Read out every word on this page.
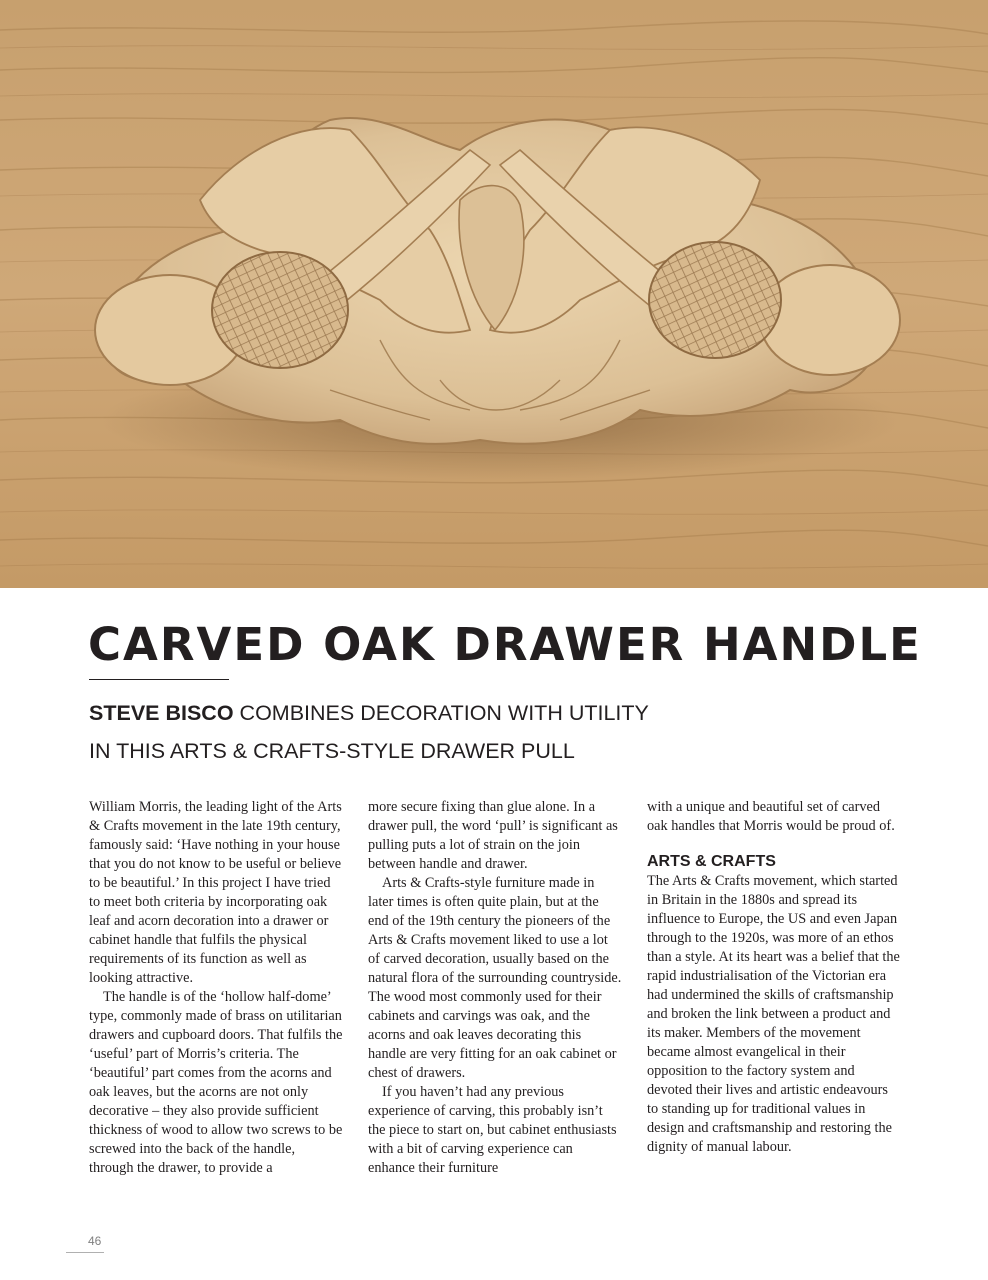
CARVED OAK DRAWER HANDLE
STEVE BISCO COMBINES DECORATION WITH UTILITY
IN THIS ARTS & CRAFTS-STYLE DRAWER PULL

William Morris, the leading light of the Arts & Crafts movement in the late 19th century, famously said: ‘Have nothing in your house that you do not know to be useful or believe to be beautiful.’ In this project I have tried to meet both criteria by incorporating oak leaf and acorn decoration into a drawer or cabinet handle that fulfils the physical requirements of its function as well as looking attractive.

The handle is of the ‘hollow half-dome’ type, commonly made of brass on utilitarian drawers and cupboard doors. That fulfils the ‘useful’ part of Morris’s criteria. The ‘beautiful’ part comes from the acorns and oak leaves, but the acorns are not only decorative – they also provide sufficient thickness of wood to allow two screws to be screwed into the back of the handle, through the drawer, to provide a

more secure fixing than glue alone. In a drawer pull, the word ‘pull’ is significant as pulling puts a lot of strain on the join between handle and drawer.

Arts & Crafts-style furniture made in later times is often quite plain, but at the end of the 19th century the pioneers of the Arts & Crafts movement liked to use a lot of carved decoration, usually based on the natural flora of the surrounding countryside. The wood most commonly used for their cabinets and carvings was oak, and the acorns and oak leaves decorating this handle are very fitting for an oak cabinet or chest of drawers.

If you haven’t had any previous experience of carving, this probably isn’t the piece to start on, but cabinet enthusiasts with a bit of carving experience can enhance their furniture

with a unique and beautiful set of carved oak handles that Morris would be proud of.

ARTS & CRAFTS

The Arts & Crafts movement, which started in Britain in the 1880s and spread its influence to Europe, the US and even Japan through to the 1920s, was more of an ethos than a style. At its heart was a belief that the rapid industrialisation of the Victorian era had undermined the skills of craftsmanship and broken the link between a product and its maker. Members of the movement became almost evangelical in their opposition to the factory system and devoted their lives and artistic endeavours to standing up for traditional values in design and craftsmanship and restoring the dignity of manual labour.

46
